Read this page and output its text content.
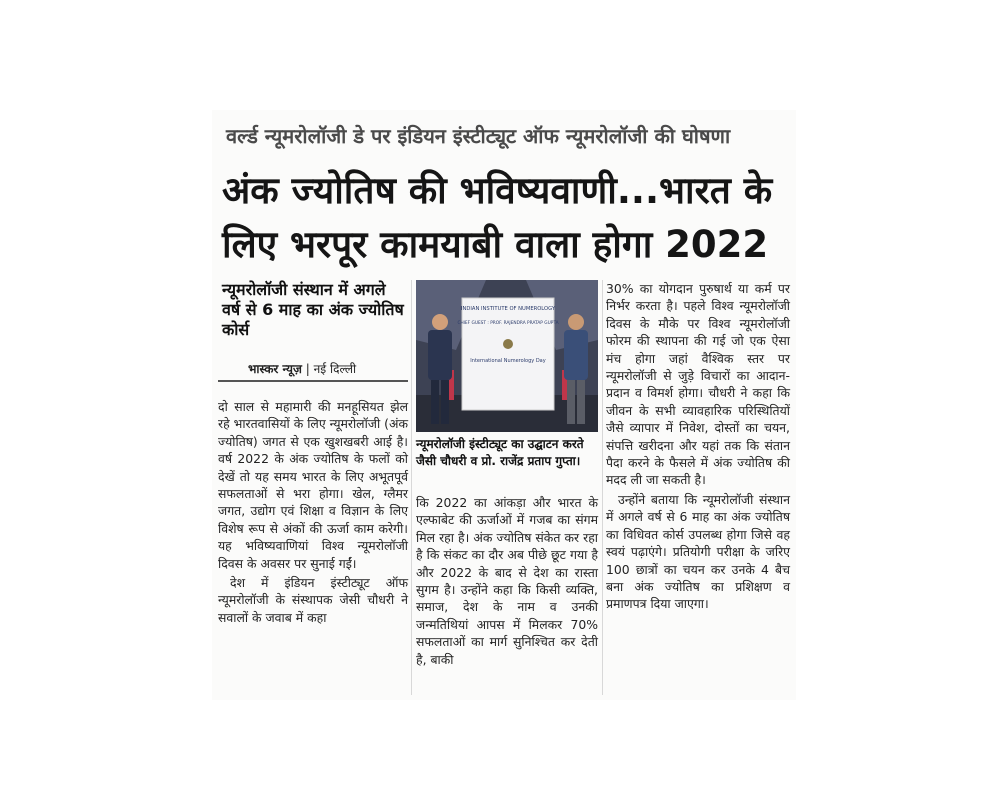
वर्ल्ड न्यूमरोलॉजी डे पर इंडियन इंस्टीट्यूट ऑफ न्यूमरोलॉजी की घोषणा
अंक ज्योतिष की भविष्यवाणी...भारत के
लिए भरपूर कामयाबी वाला होगा 2022
न्यूमरोलॉजी संस्थान में अगले वर्ष से 6 माह का अंक ज्योतिष कोर्स
भास्कर न्यूज़ | नई दिल्ली

दो साल से महामारी की मनहूसियत झेल रहे भारतवासियों के लिए न्यूमरोलॉजी (अंक ज्योतिष) जगत से एक खुशखबरी आई है। वर्ष 2022 के अंक ज्योतिष के फलों को देखें तो यह समय भारत के लिए अभूतपूर्व सफलताओं से भरा होगा। खेल, ग्लैमर जगत, उद्योग एवं शिक्षा व विज्ञान के लिए विशेष रूप से अंकों की ऊर्जा काम करेगी। यह भविष्यवाणियां विश्व न्यूमरोलॉजी दिवस के अवसर पर सुनाई गईं।

देश में इंडियन इंस्टीट्यूट ऑफ न्यूमरोलॉजी के संस्थापक जेसी चौधरी ने सवालों के जवाब में कहा

INDIAN INSTITUTE OF NUMEROLOGY
CHIEF GUEST : PROF. RAJENDRA PRATAP GUPTA
International Numerology Day
न्यूमरोलॉजी इंस्टीट्यूट का उद्घाटन करते जैसी चौधरी व प्रो. राजेंद्र प्रताप गुप्ता।

कि 2022 का आंकड़ा और भारत के एल्फाबेट की ऊर्जाओं में गजब का संगम मिल रहा है। अंक ज्योतिष संकेत कर रहा है कि संकट का दौर अब पीछे छूट गया है और 2022 के बाद से देश का रास्ता सुगम है। उन्होंने कहा कि किसी व्यक्ति, समाज, देश के नाम व उनकी जन्मतिथियां आपस में मिलकर 70% सफलताओं का मार्ग सुनिश्चित कर देती है, बाकी

30% का योगदान पुरुषार्थ या कर्म पर निर्भर करता है। पहले विश्व न्यूमरोलॉजी दिवस के मौके पर विश्व न्यूमरोलॉजी फोरम की स्थापना की गई जो एक ऐसा मंच होगा जहां वैश्विक स्तर पर न्यूमरोलॉजी से जुड़े विचारों का आदान-प्रदान व विमर्श होगा। चौधरी ने कहा कि जीवन के सभी व्यावहारिक परिस्थितियों जैसे व्यापार में निवेश, दोस्तों का चयन, संपत्ति खरीदना और यहां तक कि संतान पैदा करने के फैसले में अंक ज्योतिष की मदद ली जा सकती है।

उन्होंने बताया कि न्यूमरोलॉजी संस्थान में अगले वर्ष से 6 माह का अंक ज्योतिष का विधिवत कोर्स उपलब्ध होगा जिसे वह स्वयं पढ़ाएंगे। प्रतियोगी परीक्षा के जरिए 100 छात्रों का चयन कर उनके 4 बैच बना अंक ज्योतिष का प्रशिक्षण व प्रमाणपत्र दिया जाएगा।
